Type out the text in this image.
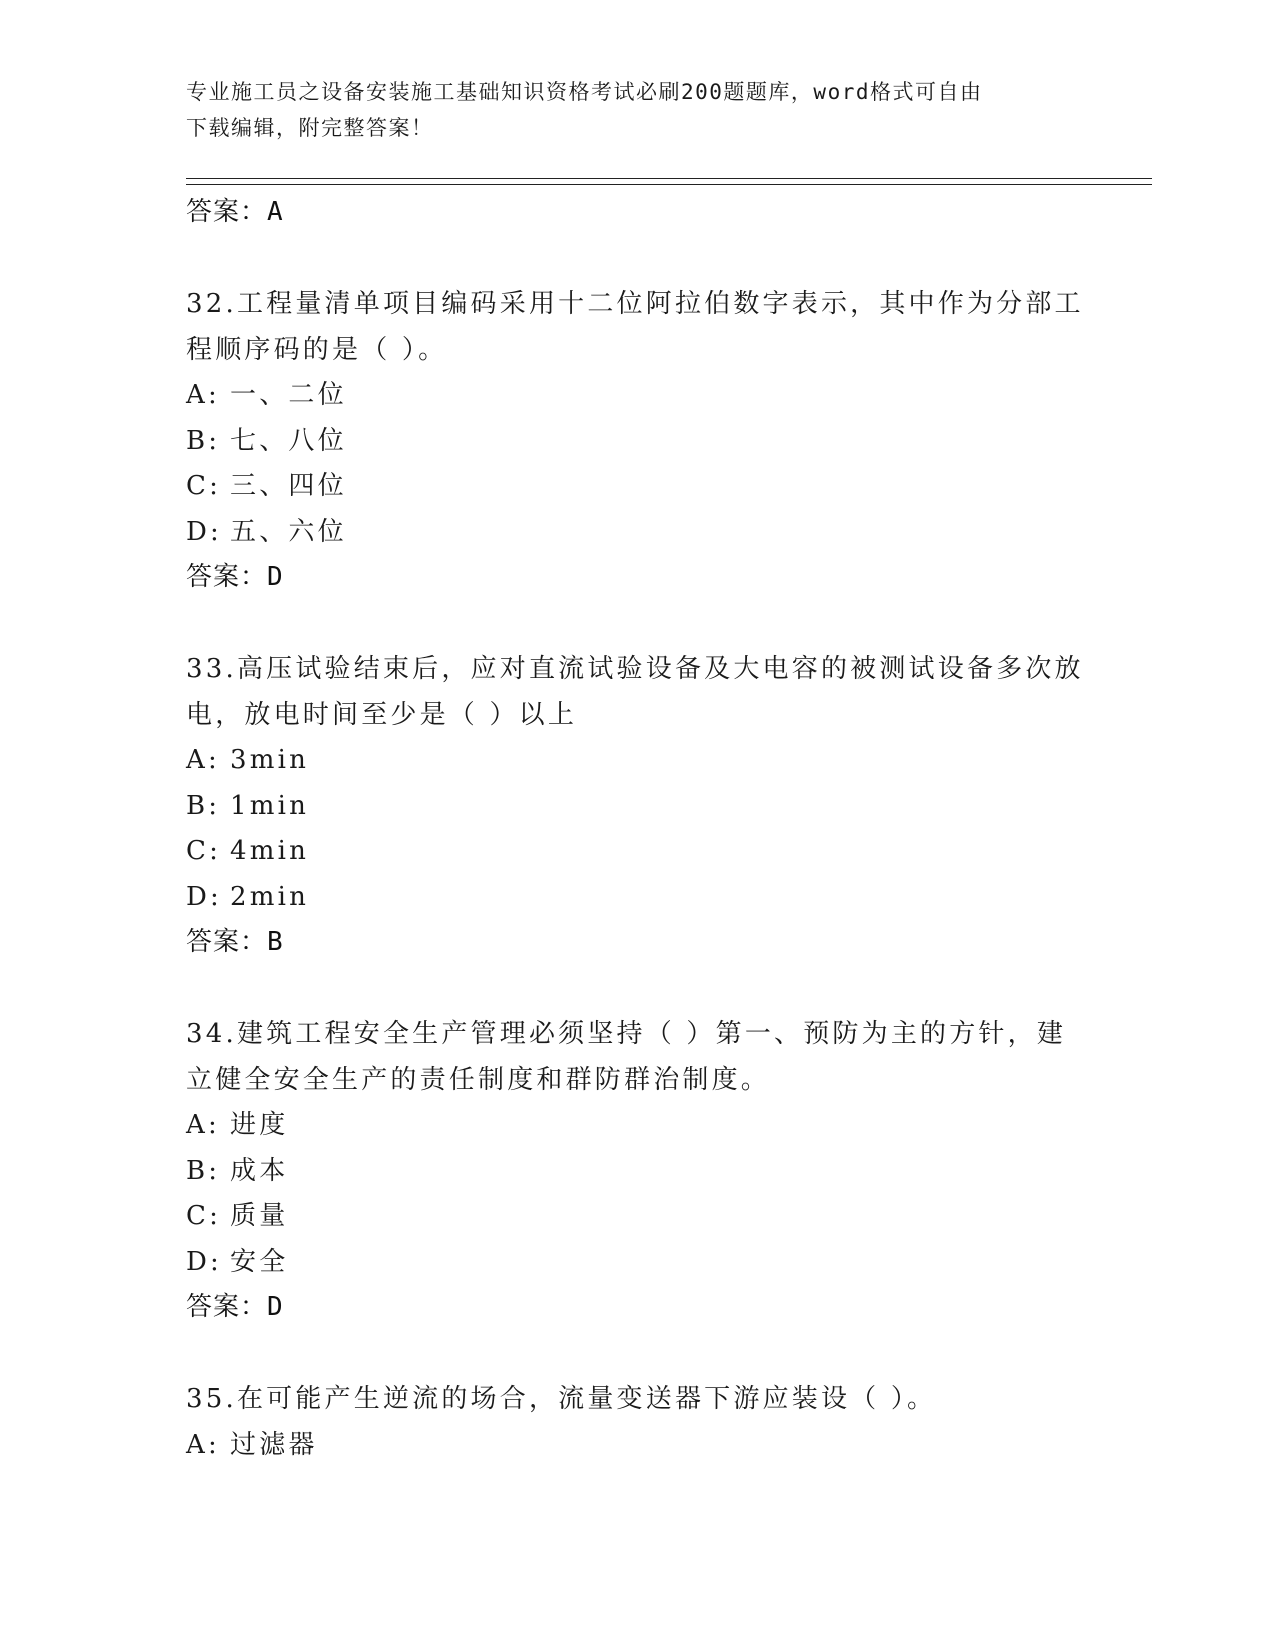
专业施工员之设备安装施工基础知识资格考试必刷200题题库，word格式可自由
下载编辑，附完整答案！
答案：A
32.工程量清单项目编码采用十二位阿拉伯数字表示，其中作为分部工
程顺序码的是（ ）。
A: 一、二位
B: 七、八位
C: 三、四位
D: 五、六位
答案：D
33.高压试验结束后，应对直流试验设备及大电容的被测试设备多次放
电，放电时间至少是（ ）以上
A: 3min
B: 1min
C: 4min
D: 2min
答案：B
34.建筑工程安全生产管理必须坚持（ ）第一、预防为主的方针，建
立健全安全生产的责任制度和群防群治制度。
A: 进度
B: 成本
C: 质量
D: 安全
答案：D
35.在可能产生逆流的场合，流量变送器下游应装设（ ）。
A: 过滤器
